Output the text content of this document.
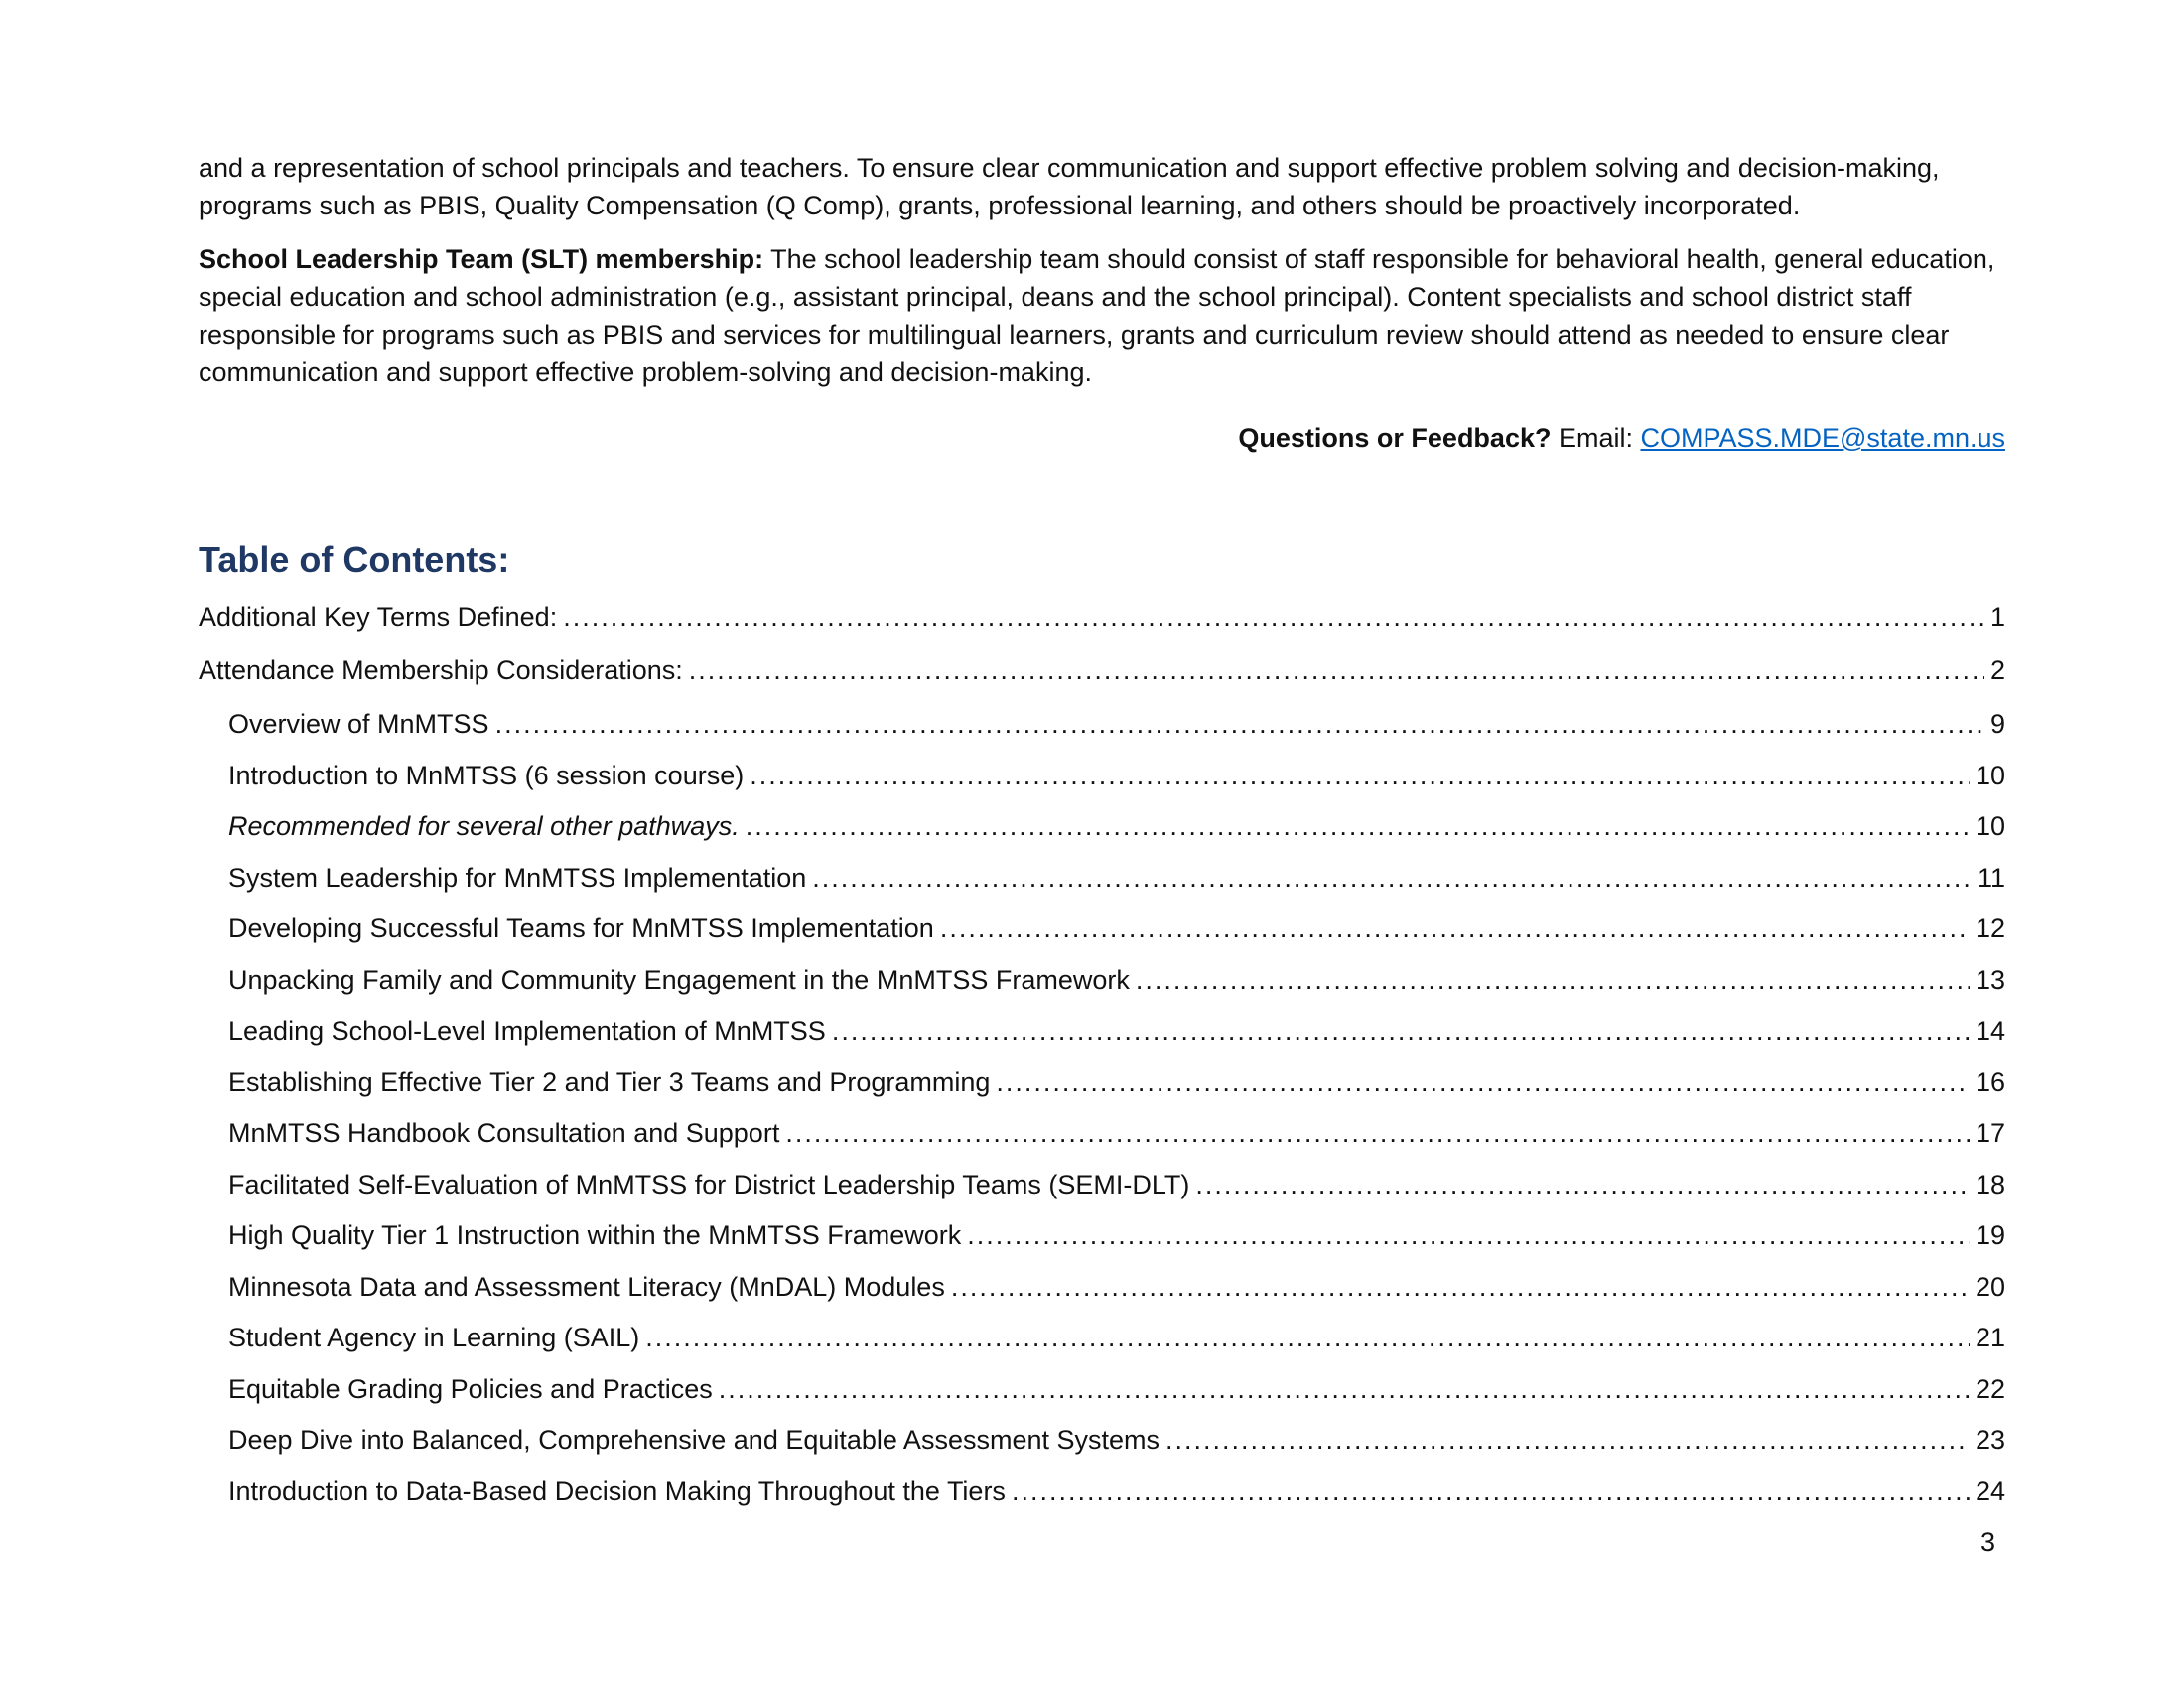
and a representation of school principals and teachers. To ensure clear communication and support effective problem solving and decision-making, programs such as PBIS, Quality Compensation (Q Comp), grants, professional learning, and others should be proactively incorporated.

School Leadership Team (SLT) membership: The school leadership team should consist of staff responsible for behavioral health, general education, special education and school administration (e.g., assistant principal, deans and the school principal). Content specialists and school district staff responsible for programs such as PBIS and services for multilingual learners, grants and curriculum review should attend as needed to ensure clear communication and support effective problem-solving and decision-making.

Questions or Feedback? Email: COMPASS.MDE@state.mn.us
Table of Contents:
Additional Key Terms Defined: .....	1
Attendance Membership Considerations: .....	2
Overview of MnMTSS .....	9
Introduction to MnMTSS (6 session course) .....	10
Recommended for several other pathways. .....	10
System Leadership for MnMTSS Implementation .....	11
Developing Successful Teams for MnMTSS Implementation .....	12
Unpacking Family and Community Engagement in the MnMTSS Framework .....	13
Leading School-Level Implementation of MnMTSS .....	14
Establishing Effective Tier 2 and Tier 3 Teams and Programming .....	16
MnMTSS Handbook Consultation and Support .....	17
Facilitated Self-Evaluation of MnMTSS for District Leadership Teams (SEMI-DLT) .....	18
High Quality Tier 1 Instruction within the MnMTSS Framework .....	19
Minnesota Data and Assessment Literacy (MnDAL) Modules .....	20
Student Agency in Learning (SAIL) .....	21
Equitable Grading Policies and Practices .....	22
Deep Dive into Balanced, Comprehensive and Equitable Assessment Systems .....	23
Introduction to Data-Based Decision Making Throughout the Tiers .....	24
3
